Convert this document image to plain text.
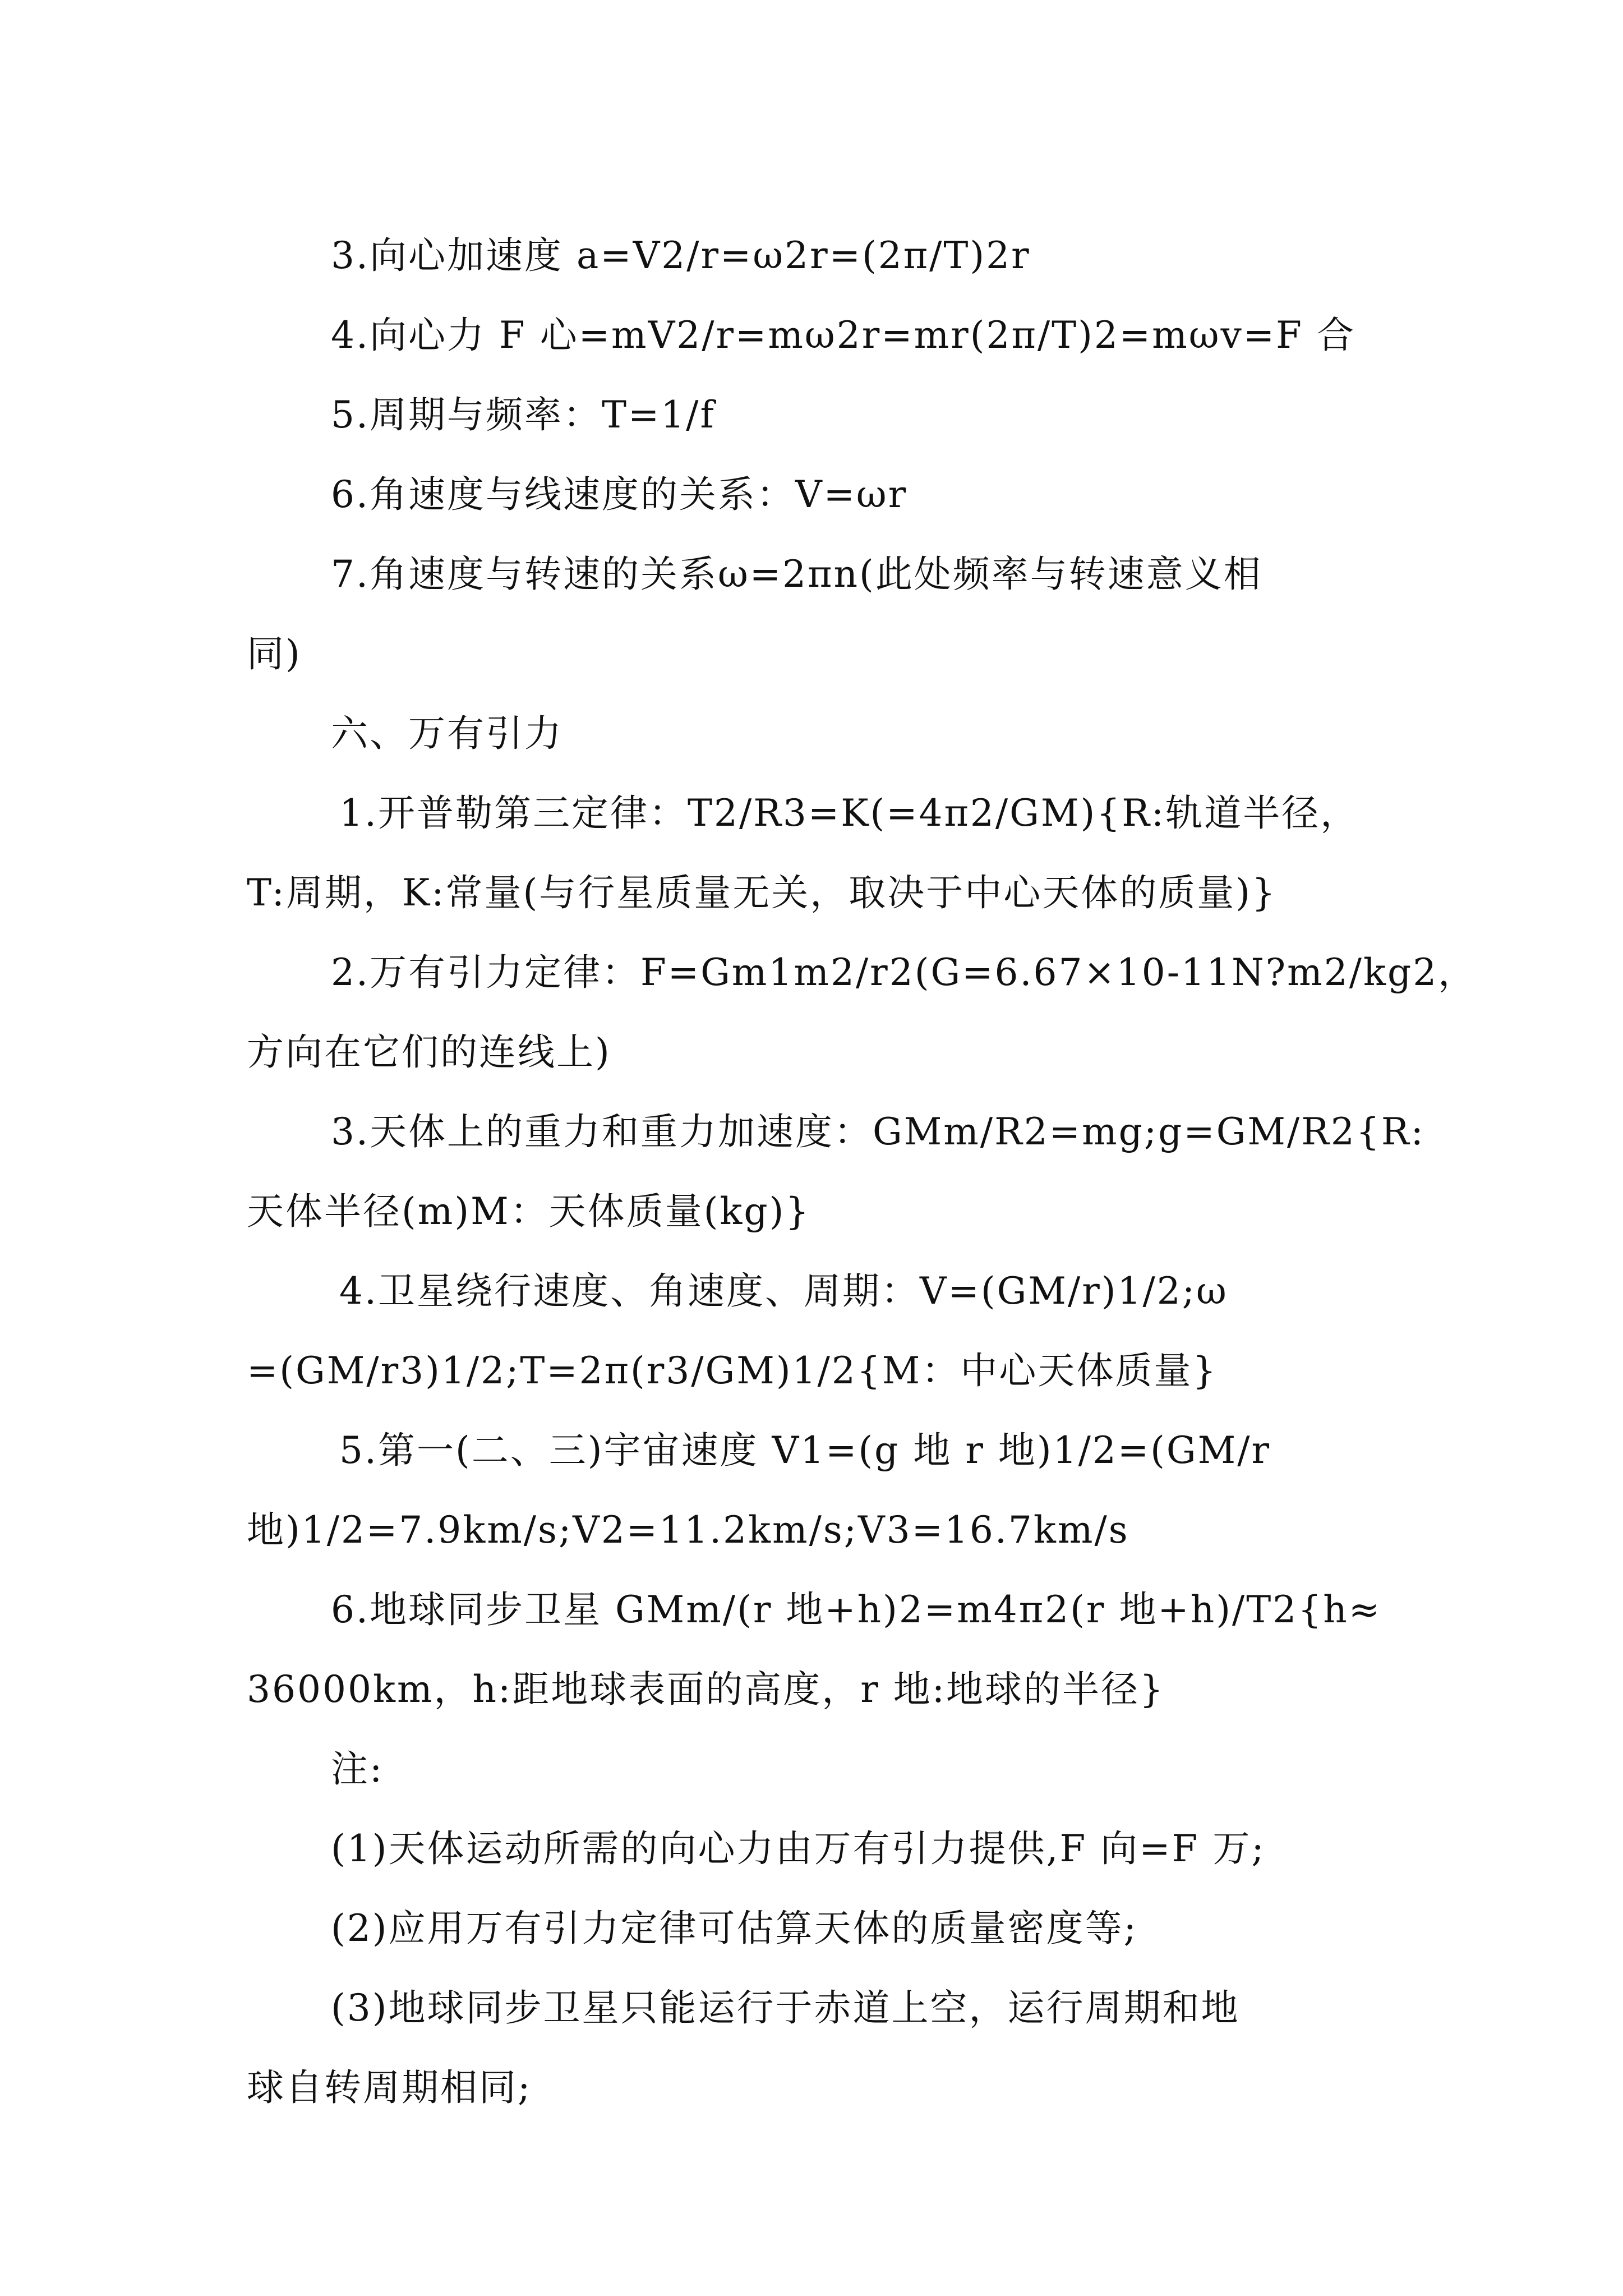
3.向心加速度 a=V2/r=ω2r=(2π/T)2r

4.向心力 F 心=mV2/r=mω2r=mr(2π/T)2=mωv=F 合

5.周期与频率：T=1/f

6.角速度与线速度的关系：V=ωr

7.角速度与转速的关系ω=2πn(此处频率与转速意义相

同)

六、万有引力

1.开普勒第三定律：T2/R3=K(=4π2/GM){R:轨道半径，

T:周期，K:常量(与行星质量无关，取决于中心天体的质量)}

2.万有引力定律：F=Gm1m2/r2(G=6.67×10-11N?m2/kg2，

方向在它们的连线上)

3.天体上的重力和重力加速度：GMm/R2=mg;g=GM/R2{R:

天体半径(m)M：天体质量(kg)}

4.卫星绕行速度、角速度、周期：V=(GM/r)1/2;ω

=(GM/r3)1/2;T=2π(r3/GM)1/2{M：中心天体质量}

5.第一(二、三)宇宙速度 V1=(g 地 r 地)1/2=(GM/r

地)1/2=7.9km/s;V2=11.2km/s;V3=16.7km/s

6.地球同步卫星 GMm/(r 地+h)2=m4π2(r 地+h)/T2{h≈

36000km，h:距地球表面的高度，r 地:地球的半径}

注:

(1)天体运动所需的向心力由万有引力提供,F 向=F 万;

(2)应用万有引力定律可估算天体的质量密度等;

(3)地球同步卫星只能运行于赤道上空，运行周期和地

球自转周期相同;
